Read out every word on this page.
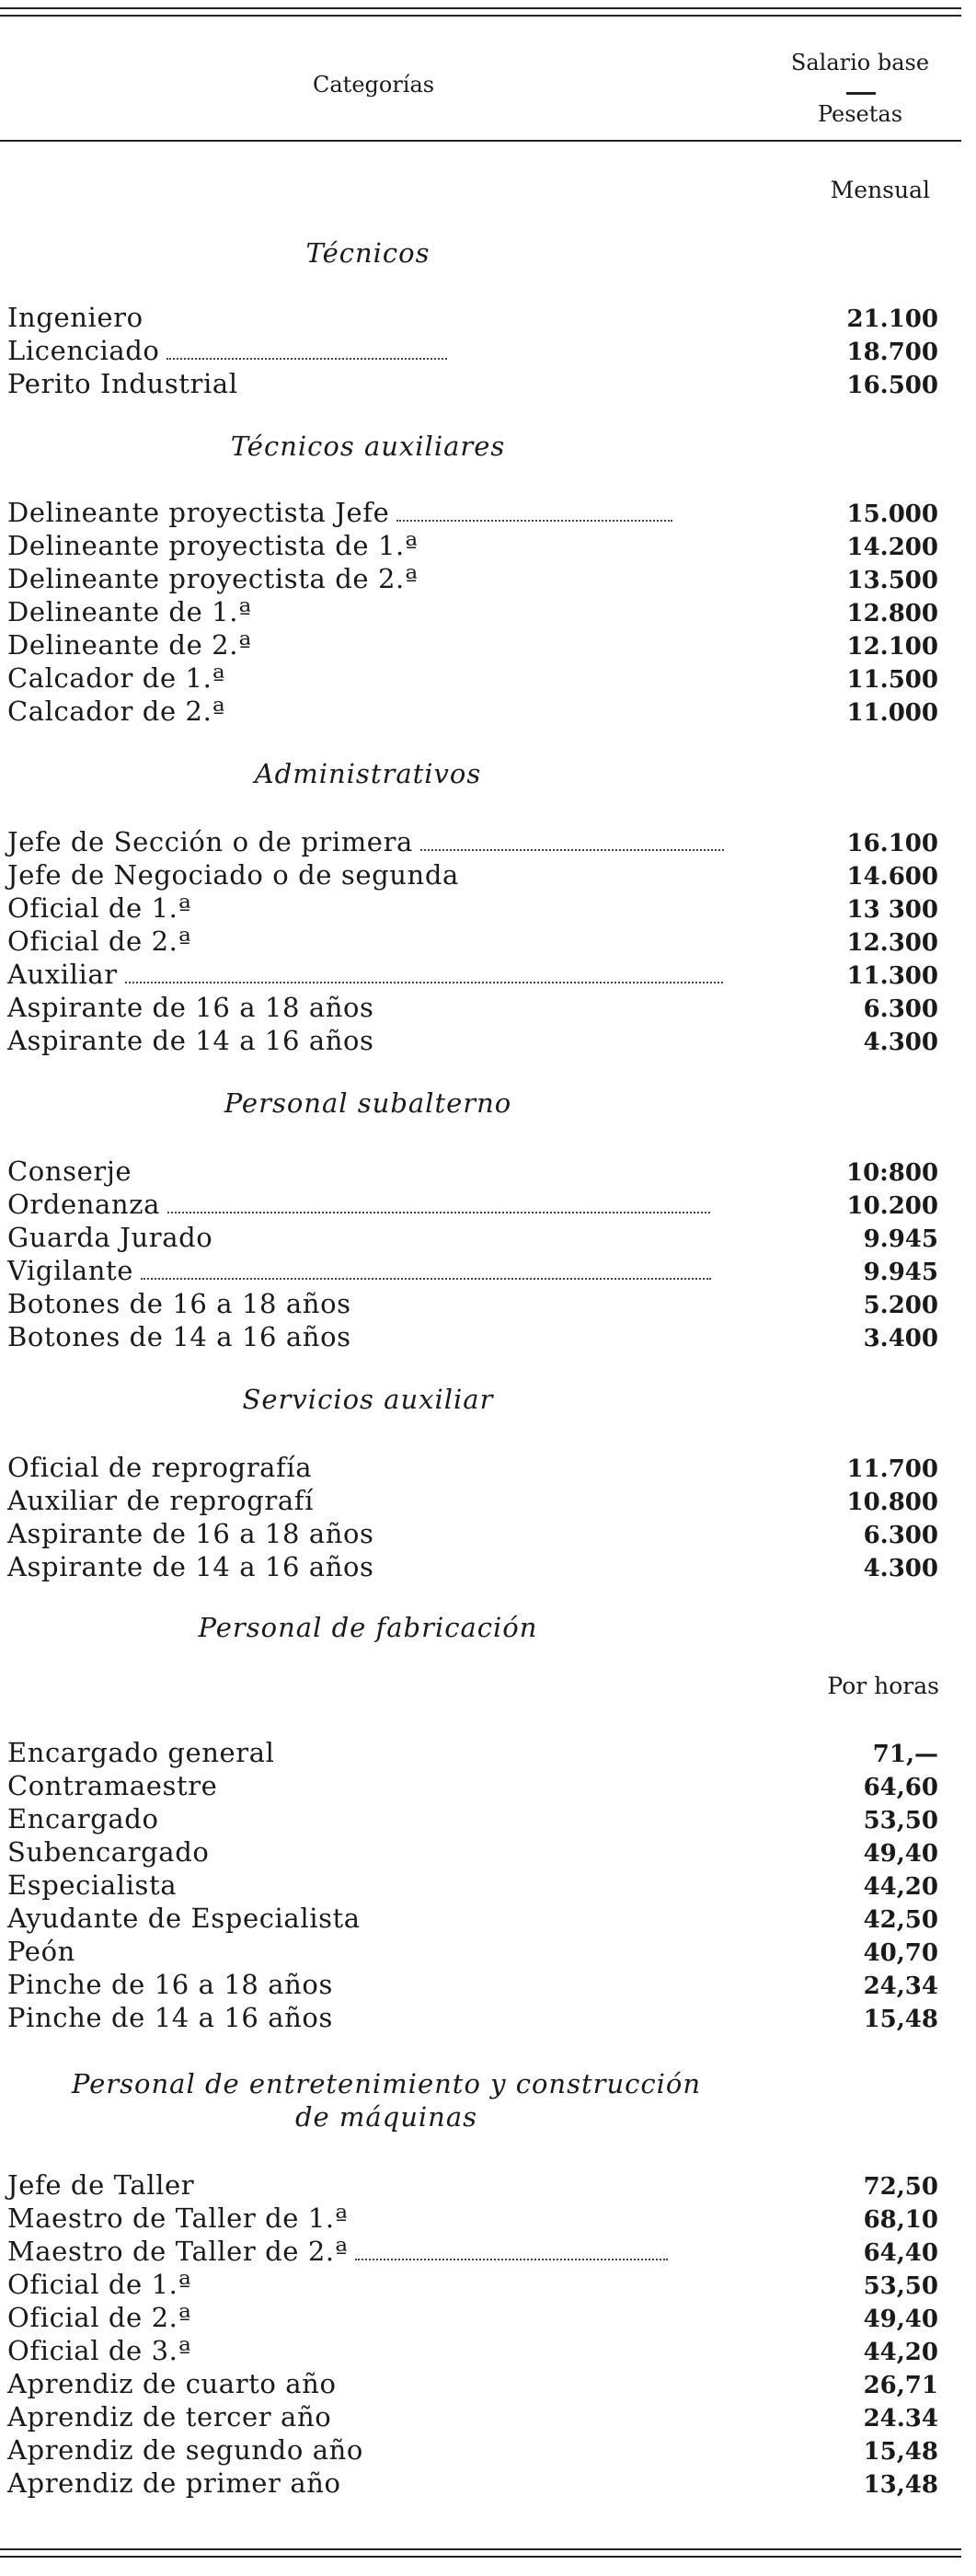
Categorías
Salario base
Pesetas
Mensual
Técnicos
Ingeniero	21.100
Licenciado	18.700
Perito Industrial	16.500
Técnicos auxiliares
Delineante proyectista Jefe	15.000
Delineante proyectista de 1.ª	14.200
Delineante proyectista de 2.ª	13.500
Delineante de 1.ª	12.800
Delineante de 2.ª	12.100
Calcador de 1.ª	11.500
Calcador de 2.ª	11.000
Administrativos
Jefe de Sección o de primera	16.100
Jefe de Negociado o de segunda	14.600
Oficial de 1.ª	13 300
Oficial de 2.ª	12.300
Auxiliar	11.300
Aspirante de 16 a 18 años	6.300
Aspirante de 14 a 16 años	4.300
Personal subalterno
Conserje	10:800
Ordenanza	10.200
Guarda Jurado	9.945
Vigilante	9.945
Botones de 16 a 18 años	5.200
Botones de 14 a 16 años	3.400
Servicios auxiliar
Oficial de reprografía	11.700
Auxiliar de reprografí	10.800
Aspirante de 16 a 18 años	6.300
Aspirante de 14 a 16 años	4.300
Personal de fabricación
Por horas
Encargado general	71,—
Contramaestre	64,60
Encargado	53,50
Subencargado	49,40
Especialista	44,20
Ayudante de Especialista	42,50
Peón	40,70
Pinche de 16 a 18 años	24,34
Pinche de 14 a 16 años	15,48
Personal de entretenimiento y construcción
de máquinas
Jefe de Taller	72,50
Maestro de Taller de 1.ª	68,10
Maestro de Taller de 2.ª	64,40
Oficial de 1.ª	53,50
Oficial de 2.ª	49,40
Oficial de 3.ª	44,20
Aprendiz de cuarto año	26,71
Aprendiz de tercer año	24.34
Aprendiz de segundo año	15,48
Aprendiz de primer año	13,48
